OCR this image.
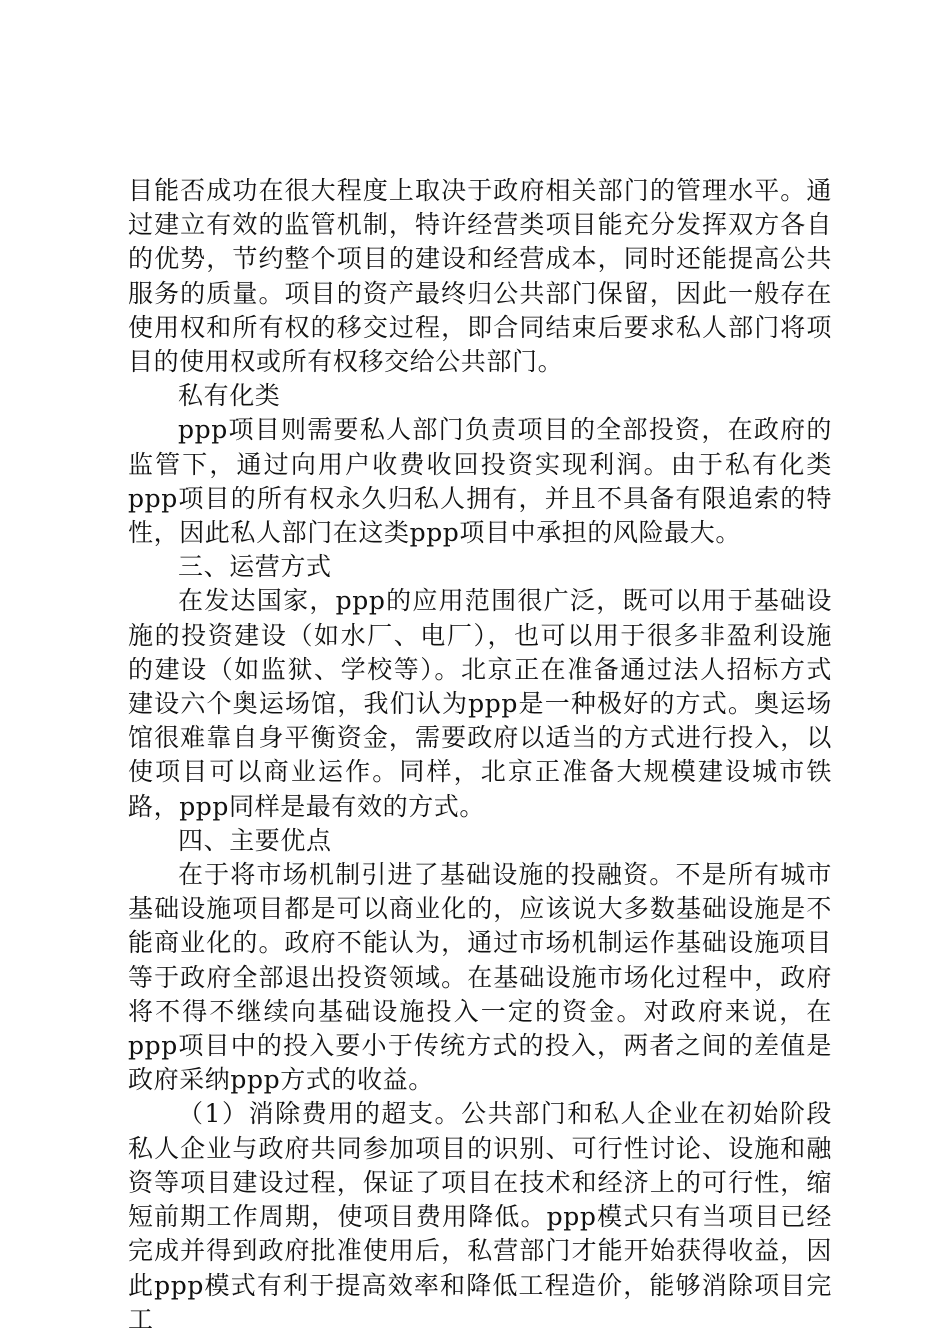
目能否成功在很大程度上取决于政府相关部门的管理水平。通过建立有效的监管机制，特许经营类项目能充分发挥双方各自的优势，节约整个项目的建设和经营成本，同时还能提高公共服务的质量。项目的资产最终归公共部门保留，因此一般存在使用权和所有权的移交过程，即合同结束后要求私人部门将项目的使用权或所有权移交给公共部门。

私有化类

ppp项目则需要私人部门负责项目的全部投资，在政府的监管下，通过向用户收费收回投资实现利润。由于私有化类ppp项目的所有权永久归私人拥有，并且不具备有限追索的特性，因此私人部门在这类ppp项目中承担的风险最大。

三、运营方式

在发达国家，ppp的应用范围很广泛，既可以用于基础设施的投资建设（如水厂、电厂），也可以用于很多非盈利设施的建设（如监狱、学校等）。北京正在准备通过法人招标方式建设六个奥运场馆，我们认为ppp是一种极好的方式。奥运场馆很难靠自身平衡资金，需要政府以适当的方式进行投入，以使项目可以商业运作。同样，北京正准备大规模建设城市铁路，ppp同样是最有效的方式。

四、主要优点

在于将市场机制引进了基础设施的投融资。不是所有城市基础设施项目都是可以商业化的，应该说大多数基础设施是不能商业化的。政府不能认为，通过市场机制运作基础设施项目等于政府全部退出投资领域。在基础设施市场化过程中，政府将不得不继续向基础设施投入一定的资金。对政府来说，在ppp项目中的投入要小于传统方式的投入，两者之间的差值是政府采纳ppp方式的收益。

（1）消除费用的超支。公共部门和私人企业在初始阶段私人企业与政府共同参加项目的识别、可行性讨论、设施和融资等项目建设过程，保证了项目在技术和经济上的可行性，缩短前期工作周期，使项目费用降低。ppp模式只有当项目已经完成并得到政府批准使用后，私营部门才能开始获得收益，因此ppp模式有利于提高效率和降低工程造价，能够消除项目完工
